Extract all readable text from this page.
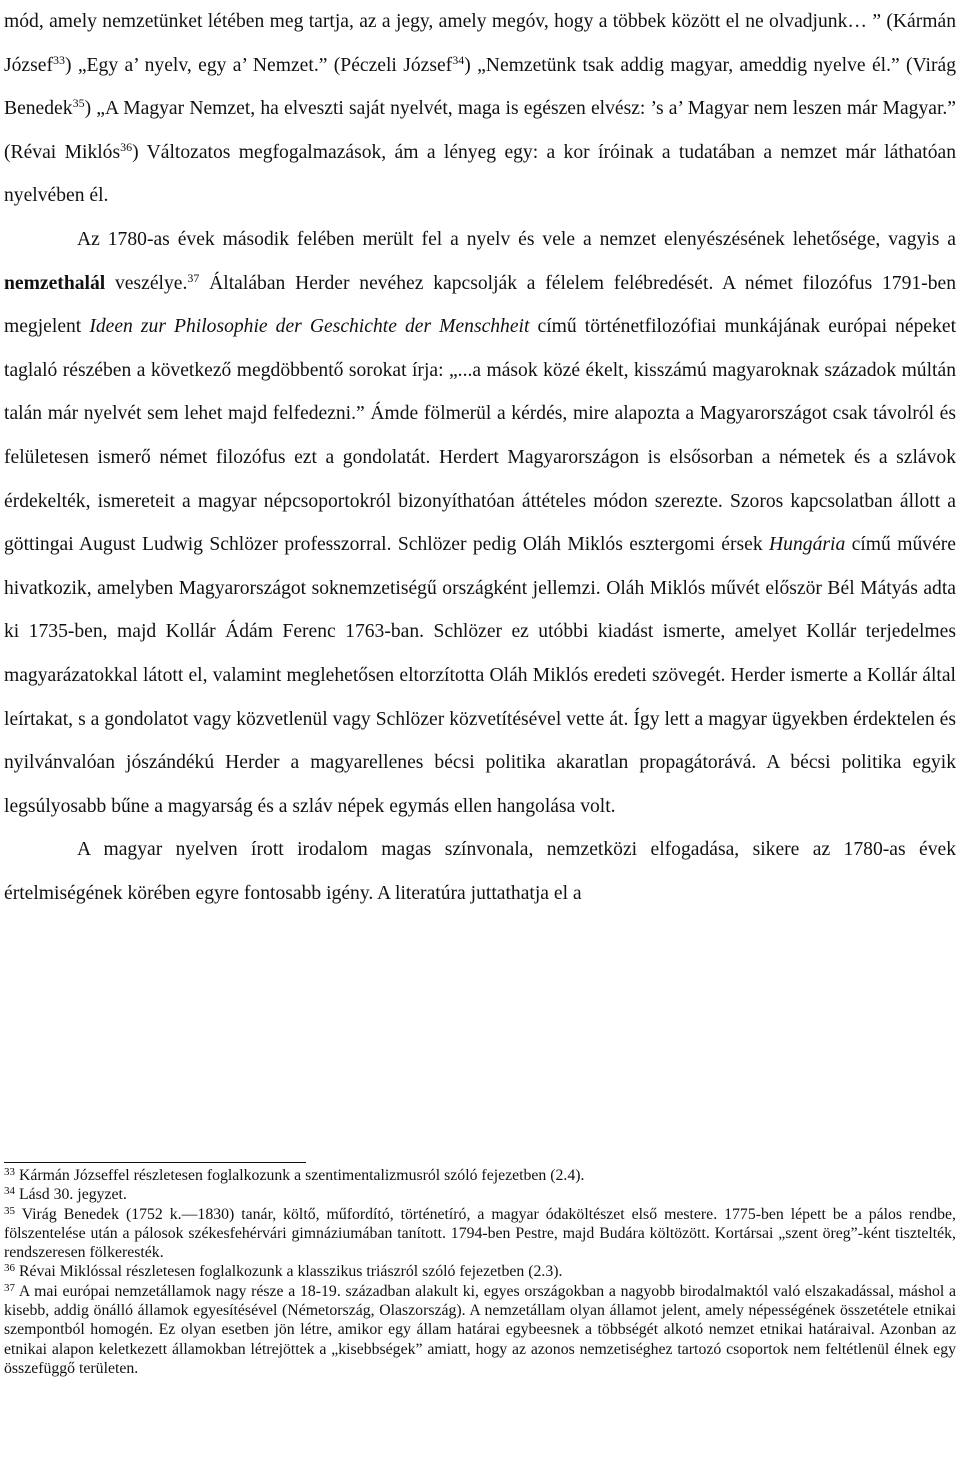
mód, amely nemzetünket létében meg tartja, az a jegy, amely megóv, hogy a többek között el ne olvadjunk… ” (Kármán József$^{33}$) „Egy a’ nyelv, egy a’ Nemzet.” (Péczeli József$^{34}$) „Nemzetünk tsak addig magyar, ameddig nyelve él.” (Virág Benedek$^{35}$) „A Magyar Nemzet, ha elveszti saját nyelvét, maga is egészen elvész: ’s a’ Magyar nem leszen már Magyar.” (Révai Miklós$^{36}$) Változatos megfogalmazások, ám a lényeg egy: a kor íróinak a tudatában a nemzet már láthatóan nyelvében él.

Az 1780-as évek második felében merült fel a nyelv és vele a nemzet elenyészésének lehetősége, vagyis a nemzethalál veszélye.$^{37}$ Általában Herder nevéhez kapcsolják a félelem felébredését. A német filozófus 1791-ben megjelent Ideen zur Philosophie der Geschichte der Menschheit című történetfilozófiai munkájának európai népeket taglaló részében a következő megdöbbentő sorokat írja: „...a mások közé ékelt, kisszámú magyaroknak századok múltán talán már nyelvét sem lehet majd felfedezni.” Ámde fölmerül a kérdés, mire alapozta a Magyarországot csak távolról és felületesen ismerő német filozófus ezt a gondolatát. Herdert Magyarországon is elsősorban a németek és a szlávok érdekelték, ismereteit a magyar népcsoportokról bizonyíthatóan áttételes módon szerezte. Szoros kapcsolatban állott a göttingai August Ludwig Schlözer professzorral. Schlözer pedig Oláh Miklós esztergomi érsek Hungária című művére hivatkozik, amelyben Magyarországot soknemzetiségű országként jellemzi. Oláh Miklós művét először Bél Mátyás adta ki 1735-ben, majd Kollár Ádám Ferenc 1763-ban. Schlözer ez utóbbi kiadást ismerte, amelyet Kollár terjedelmes magyarázatokkal látott el, valamint meglehetősen eltorzította Oláh Miklós eredeti szövegét. Herder ismerte a Kollár által leírtakat, s a gondolatot vagy közvetlenül vagy Schlözer közvetítésével vette át. Így lett a magyar ügyekben érdektelen és nyilvánvalóan jószándékú Herder a magyarellenes bécsi politika akaratlan propagátorává. A bécsi politika egyik legsúlyosabb bűne a magyarság és a szláv népek egymás ellen hangolása volt.

A magyar nyelven írott irodalom magas színvonala, nemzetközi elfogadása, sikere az 1780-as évek értelmiségének körében egyre fontosabb igény. A literatúra juttathatja el a

$^{33}$ Kármán Józseffel részletesen foglalkozunk a szentimentalizmusról szóló fejezetben (2.4).

$^{34}$ Lásd 30. jegyzet.

$^{35}$ Virág Benedek (1752 k.—1830) tanár, költő, műfordító, történetíró, a magyar ódaköltészet első mestere. 1775-ben lépett be a pálos rendbe, fölszentelése után a pálosok székesfehérvári gimnáziumában tanított. 1794-ben Pestre, majd Budára költözött. Kortársai „szent öreg”-ként tisztelték, rendszeresen fölkeresték.

$^{36}$ Révai Miklóssal részletesen foglalkozunk a klasszikus triászról szóló fejezetben (2.3).

$^{37}$ A mai európai nemzetállamok nagy része a 18-19. században alakult ki, egyes országokban a nagyobb birodalmaktól való elszakadással, máshol a kisebb, addig önálló államok egyesítésével (Németország, Olaszország). A nemzetállam olyan államot jelent, amely népességének összetétele etnikai szempontból homogén. Ez olyan esetben jön létre, amikor egy állam határai egybeesnek a többségét alkotó nemzet etnikai határaival. Azonban az etnikai alapon keletkezett államokban létrejöttek a „kisebbségek” amiatt, hogy az azonos nemzetiséghez tartozó csoportok nem feltétlenül élnek egy összefüggő területen.
